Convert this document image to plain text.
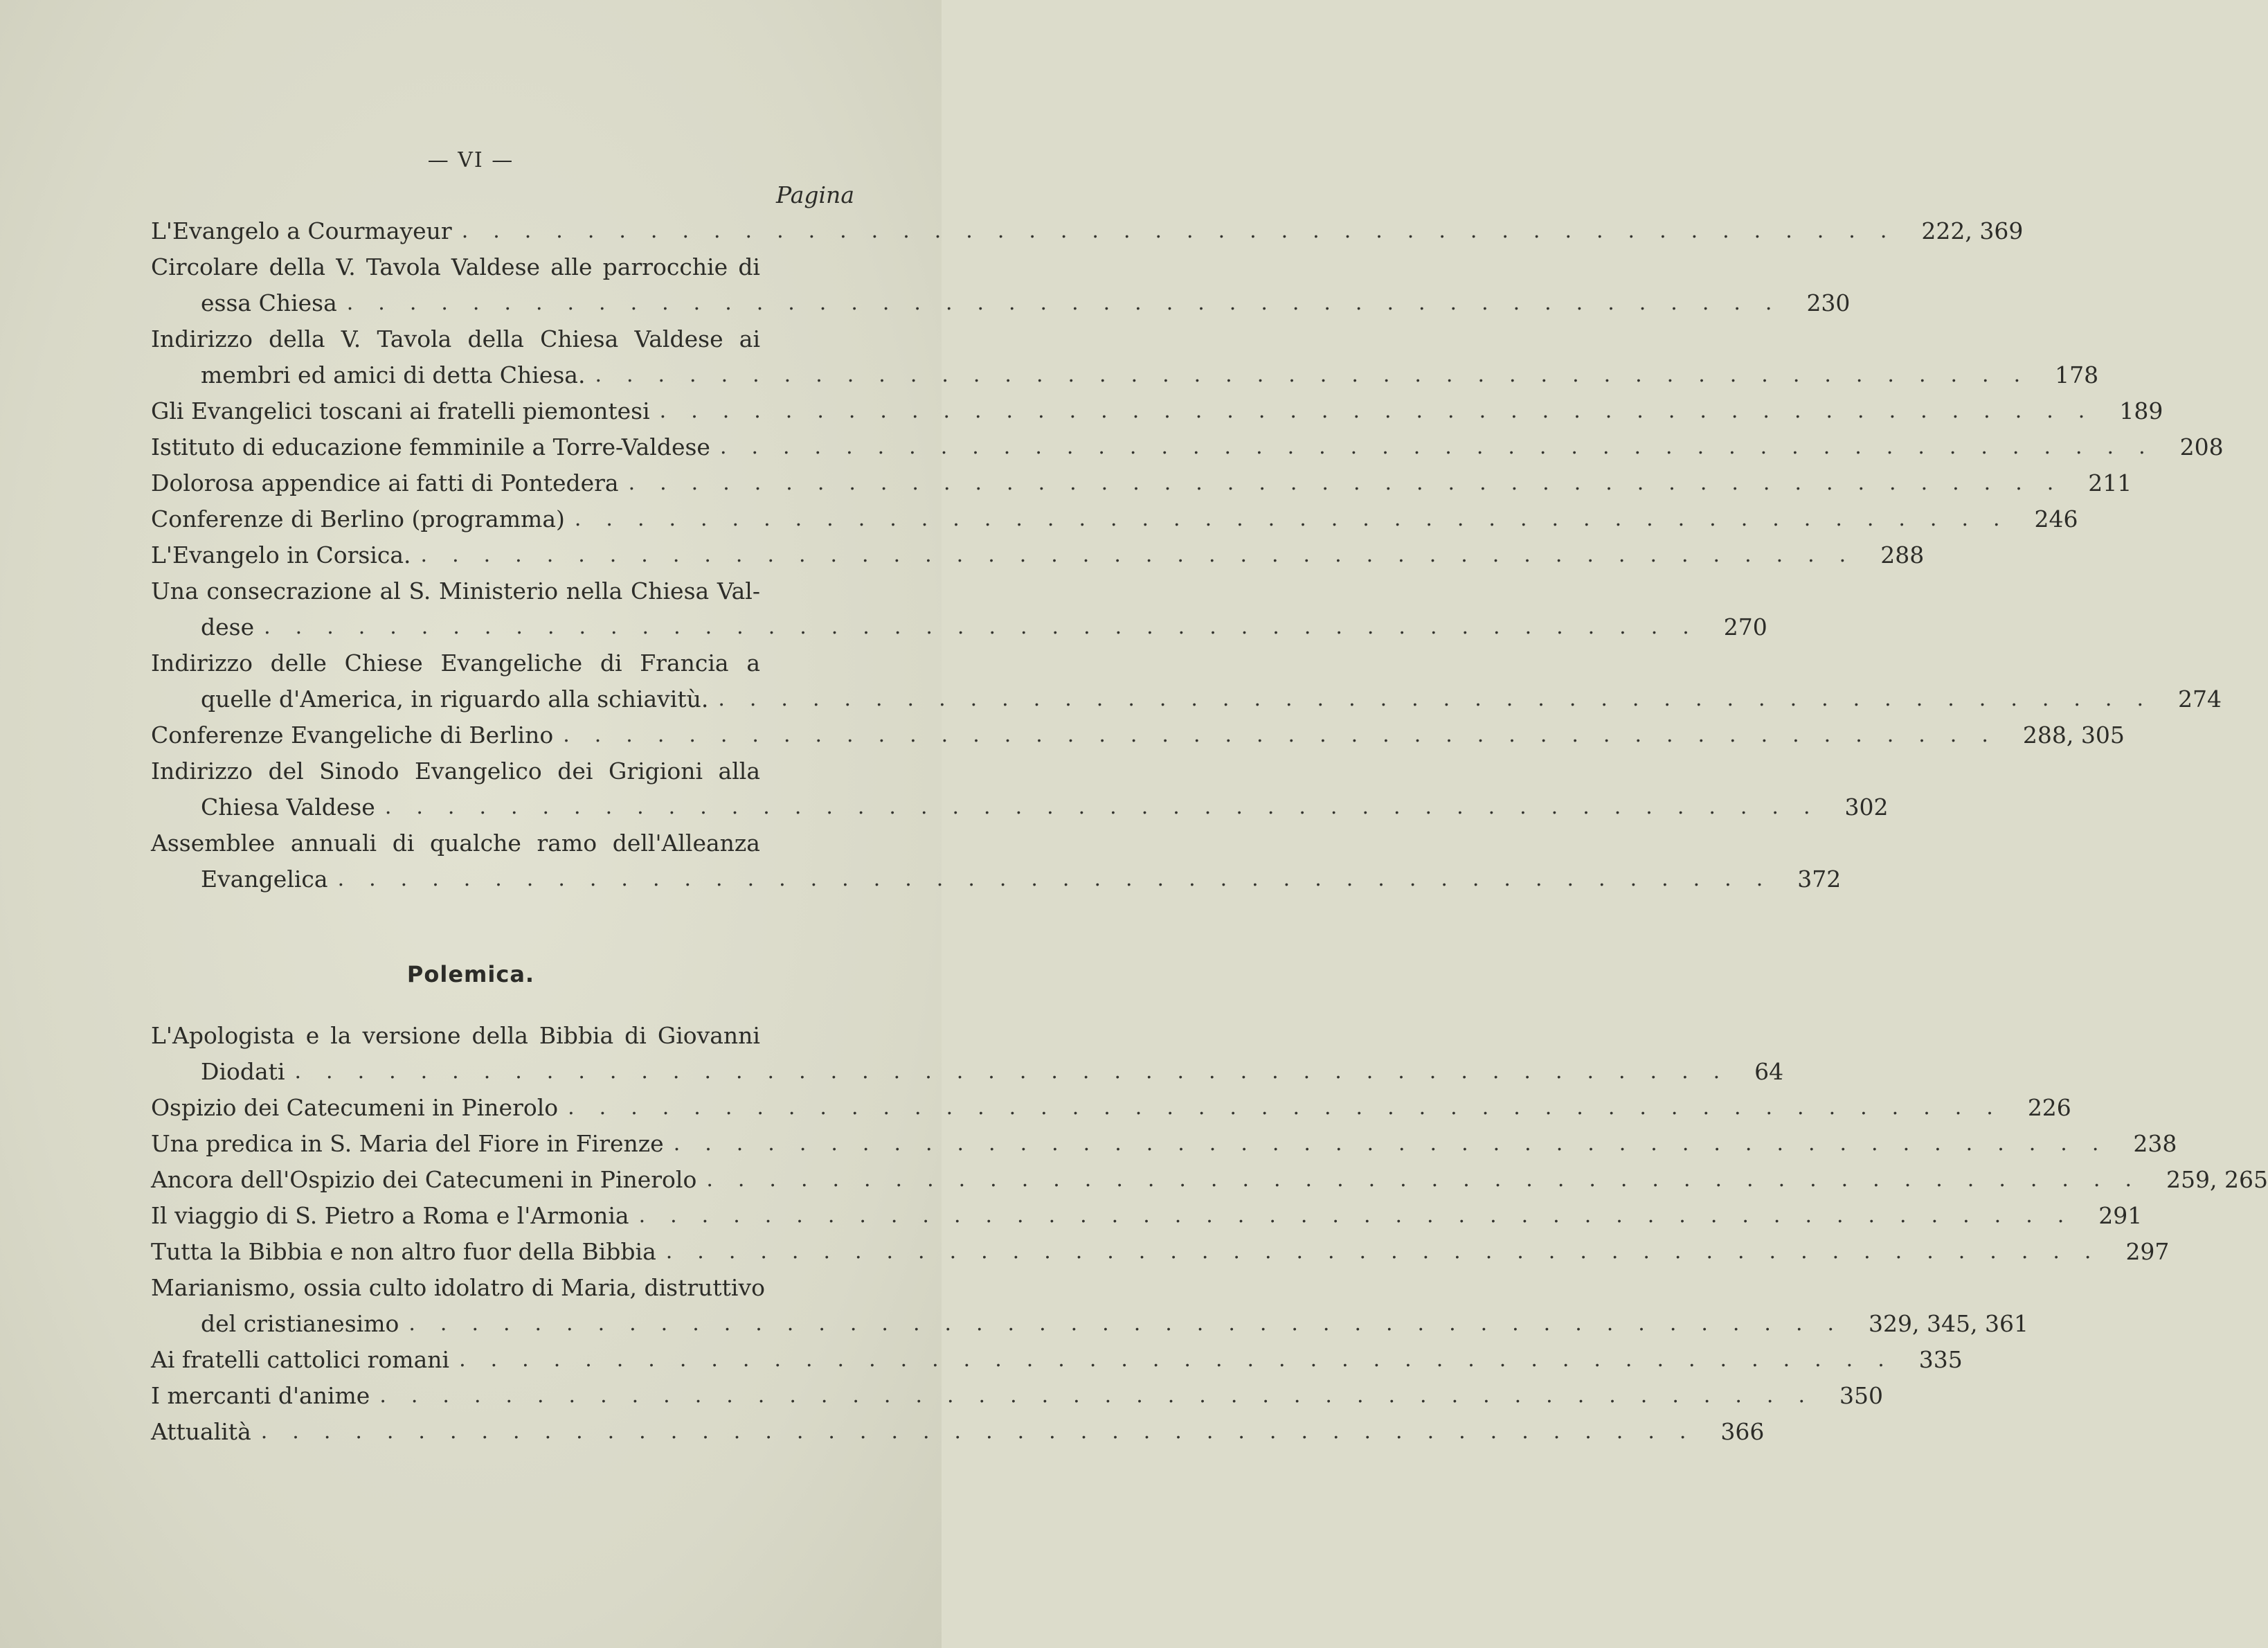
— VI —
Pagina
L'Evangelo a Courmayeur .............................................. 222, 369
Circolare della V. Tavola Valdese alle parrocchie di
essa Chiesa .............................................. 230
Indirizzo della V. Tavola della Chiesa Valdese ai
membri ed amici di detta Chiesa. .............................................. 178
Gli Evangelici toscani ai fratelli piemontesi .............................................. 189
Istituto di educazione femminile a Torre-Valdese .............................................. 208
Dolorosa appendice ai fatti di Pontedera .............................................. 211
Conferenze di Berlino (programma) .............................................. 246
L'Evangelo in Corsica. .............................................. 288
Una consecrazione al S. Ministerio nella Chiesa Val-
dese .............................................. 270
Indirizzo delle Chiese Evangeliche di Francia a
quelle d'America, in riguardo alla schiavitù. .............................................. 274
Conferenze Evangeliche di Berlino .............................................. 288, 305
Indirizzo del Sinodo Evangelico dei Grigioni alla
Chiesa Valdese .............................................. 302
Assemblee annuali di qualche ramo dell'Alleanza
Evangelica .............................................. 372
Polemica.
L'Apologista e la versione della Bibbia di Giovanni
Diodati .............................................. 64
Ospizio dei Catecumeni in Pinerolo .............................................. 226
Una predica in S. Maria del Fiore in Firenze .............................................. 238
Ancora dell'Ospizio dei Catecumeni in Pinerolo .............................................. 259, 265
Il viaggio di S. Pietro a Roma e l'Armonia .............................................. 291
Tutta la Bibbia e non altro fuor della Bibbia .............................................. 297
Marianismo, ossia culto idolatro di Maria, distruttivo
del cristianesimo .............................................. 329, 345, 361
Ai fratelli cattolici romani .............................................. 335
I mercanti d'anime .............................................. 350
Attualità .............................................. 366
